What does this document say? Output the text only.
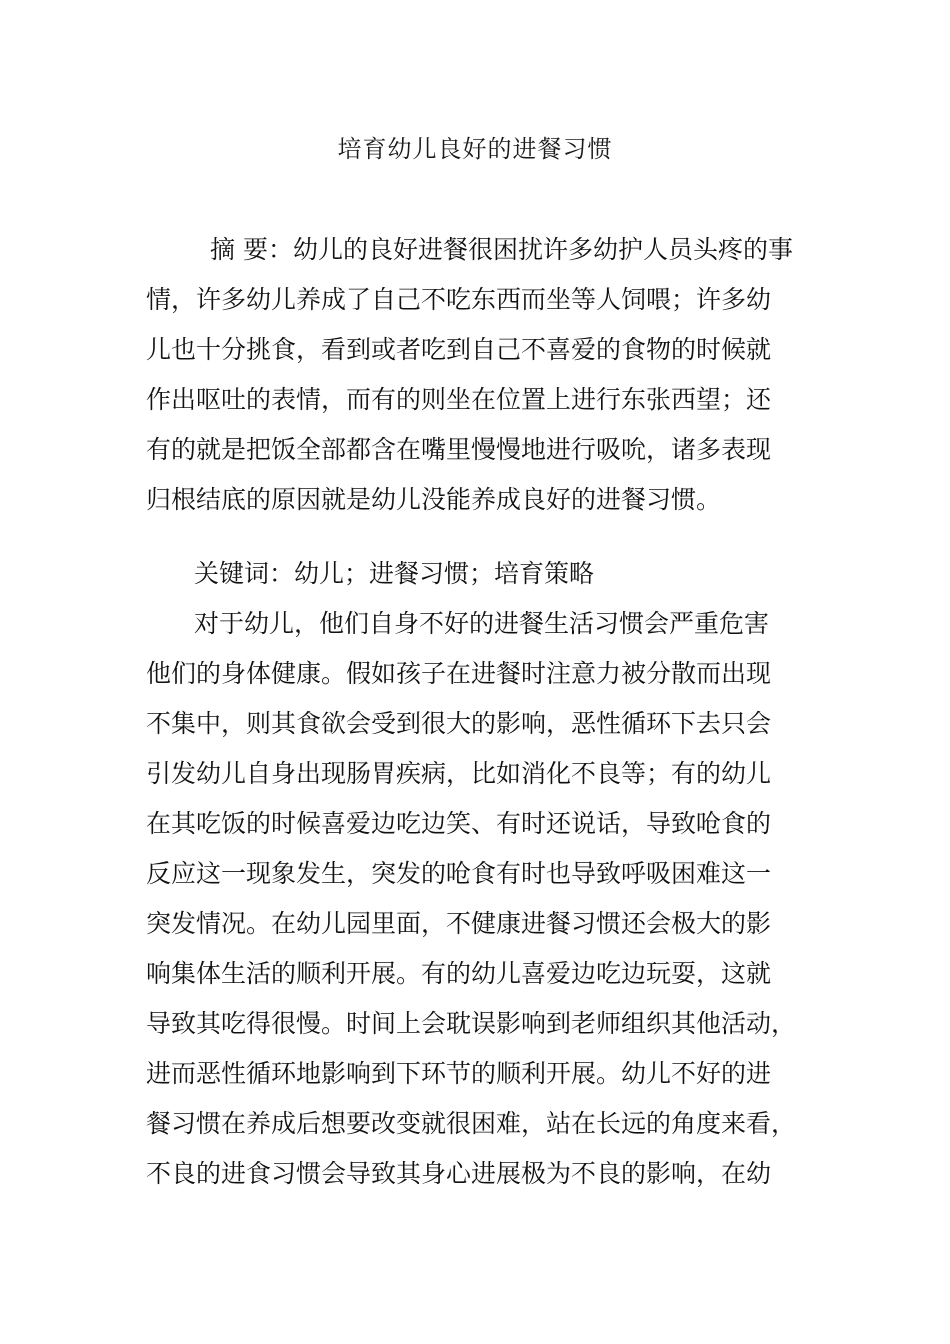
培育幼儿良好的进餐习惯
摘 要：幼儿的良好进餐很困扰许多幼护人员头疼的事
情，许多幼儿养成了自己不吃东西而坐等人饲喂；许多幼
儿也十分挑食，看到或者吃到自己不喜爱的食物的时候就
作出呕吐的表情，而有的则坐在位置上进行东张西望；还
有的就是把饭全部都含在嘴里慢慢地进行吸吮，诸多表现
归根结底的原因就是幼儿没能养成良好的进餐习惯。
关键词：幼儿；进餐习惯；培育策略
对于幼儿，他们自身不好的进餐生活习惯会严重危害
他们的身体健康。假如孩子在进餐时注意力被分散而出现
不集中，则其食欲会受到很大的影响，恶性循环下去只会
引发幼儿自身出现肠胃疾病，比如消化不良等；有的幼儿
在其吃饭的时候喜爱边吃边笑、有时还说话，导致呛食的
反应这一现象发生，突发的呛食有时也导致呼吸困难这一
突发情况。在幼儿园里面，不健康进餐习惯还会极大的影
响集体生活的顺利开展。有的幼儿喜爱边吃边玩耍，这就
导致其吃得很慢。时间上会耽误影响到老师组织其他活动，
进而恶性循环地影响到下环节的顺利开展。幼儿不好的进
餐习惯在养成后想要改变就很困难，站在长远的角度来看，
不良的进食习惯会导致其身心进展极为不良的影响，在幼
